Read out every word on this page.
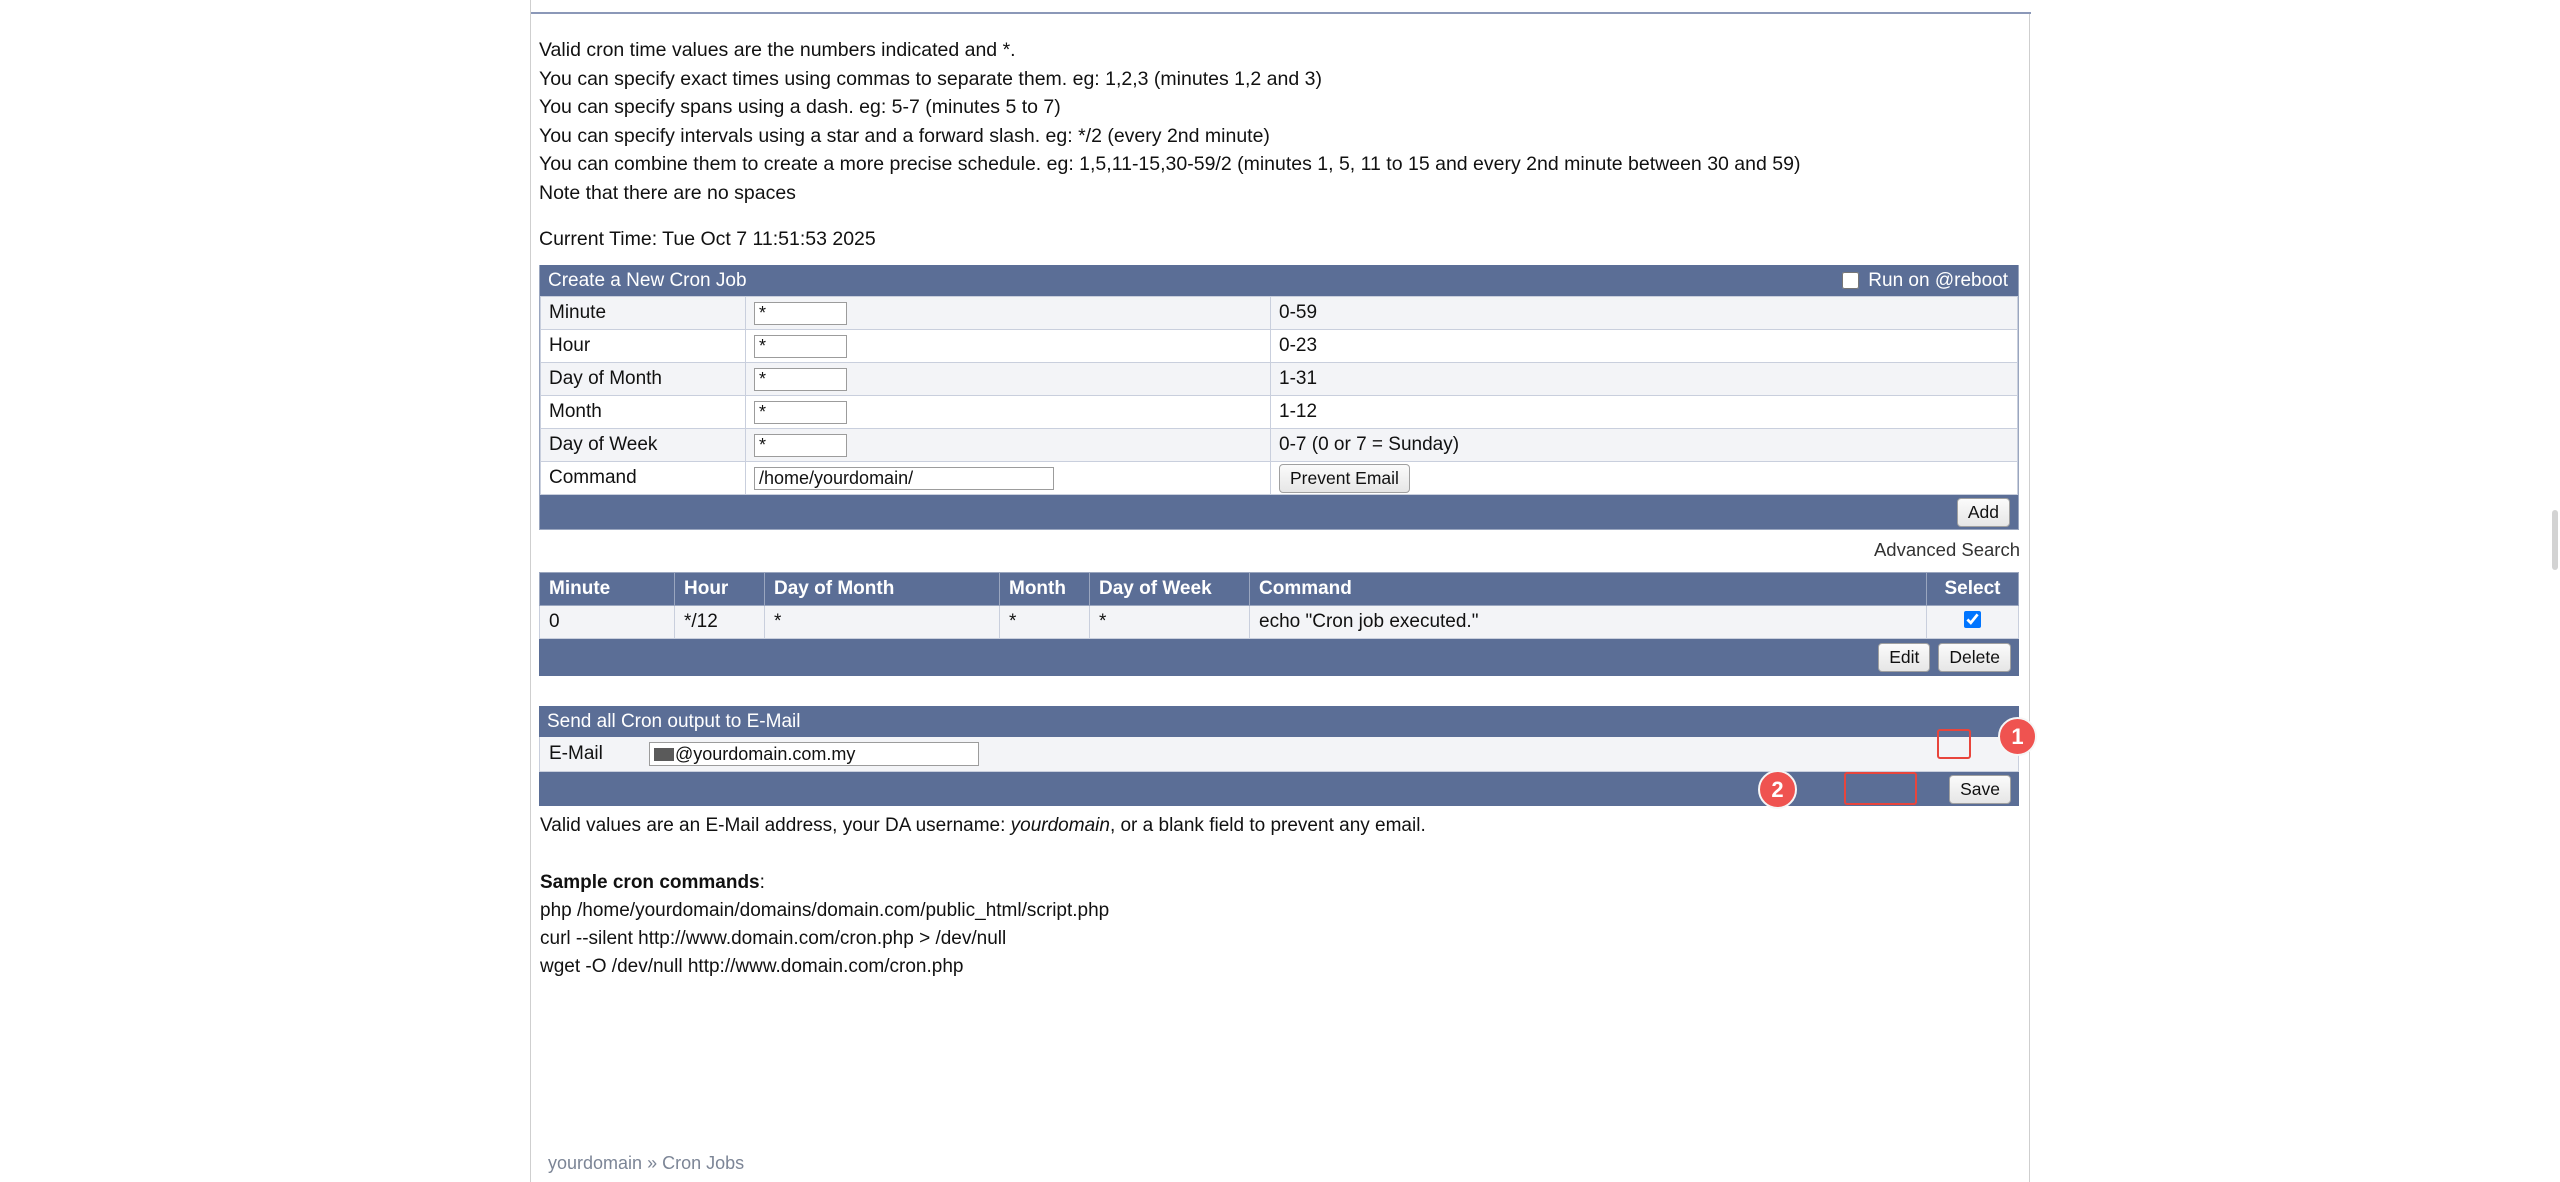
Valid cron time values are the numbers indicated and *.
You can specify exact times using commas to separate them. eg: 1,2,3 (minutes 1,2 and 3)
You can specify spans using a dash. eg: 5-7 (minutes 5 to 7)
You can specify intervals using a star and a forward slash. eg: */2 (every 2nd minute)
You can combine them to create a more precise schedule. eg: 1,5,11-15,30-59/2 (minutes 1, 5, 11 to 15 and every 2nd minute between 30 and 59)
Note that there are no spaces
Current Time: Tue Oct 7 11:51:53 2025
Create a New Cron Job	Run on @reboot
Minute	*	0-59
Hour	*	0-23
Day of Month	*	1-31
Month	*	1-12
Day of Week	*	0-7 (0 or 7 = Sunday)
Command	/home/yourdomain/	Prevent Email
Add
Advanced Search
Minute	Hour	Day of Month	Month	Day of Week	Command	Select
0	*/12	*	*	*	echo "Cron job executed."	
Edit	Delete
Send all Cron output to E-Mail
E-Mail	@yourdomain.com.my
Save
Valid values are an E-Mail address, your DA username: yourdomain, or a blank field to prevent any email.
Sample cron commands:
php /home/yourdomain/domains/domain.com/public_html/script.php
curl --silent http://www.domain.com/cron.php > /dev/null
wget -O /dev/null http://www.domain.com/cron.php
yourdomain » Cron Jobs
1
2
